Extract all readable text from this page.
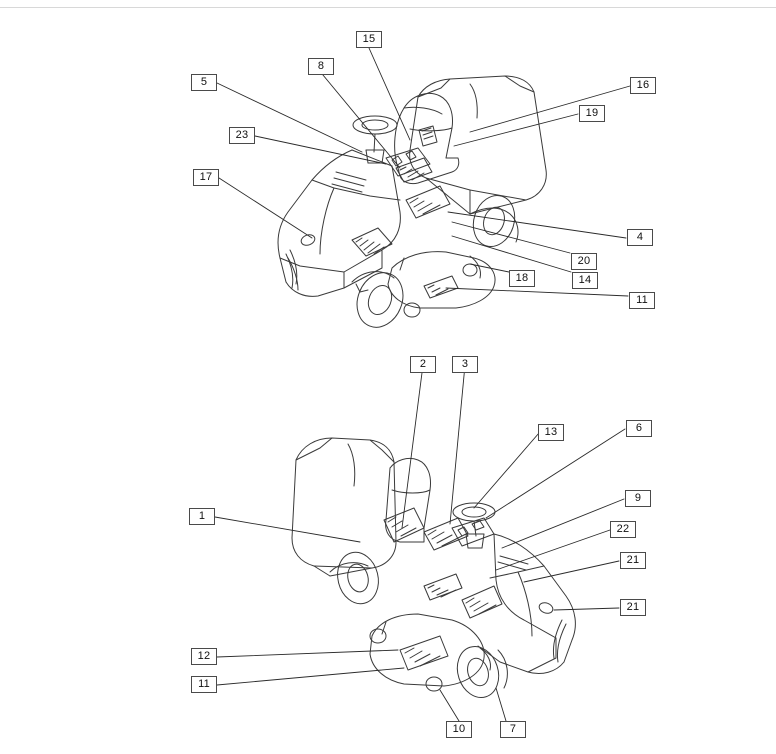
15
8
16
5
19
23
17
4
20
18	14
11
2	3
13	6
9
1
22
21
21
12
11
10	7
